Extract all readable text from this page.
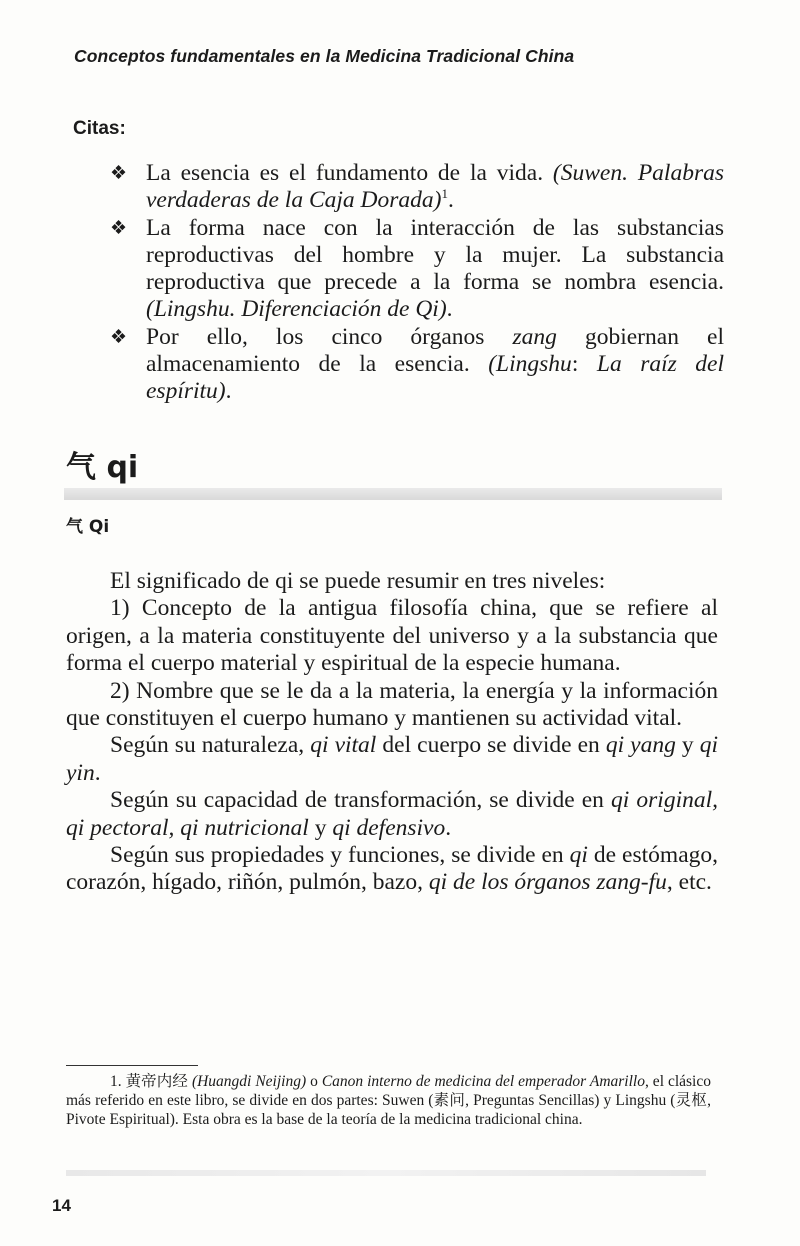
Conceptos fundamentales en la Medicina Tradicional China
Citas:
❖ La esencia es el fundamento de la vida. (Suwen. Palabras verdaderas de la Caja Dorada)$^1$.
❖ La forma nace con la interacción de las substancias reproductivas del hombre y la mujer. La substancia reproductiva que precede a la forma se nombra esencia. (Lingshu. Diferenciación de Qi).
❖ Por ello, los cinco órganos zang gobiernan el almacenamiento de la esencia. (Lingshu: La raíz del espíritu).
气 qi
气 Qi

El significado de qi se puede resumir en tres niveles:

1) Concepto de la antigua filosofía china, que se refiere al origen, a la materia constituyente del universo y a la substancia que forma el cuerpo material y espiritual de la especie humana.

2) Nombre que se le da a la materia, la energía y la información que constituyen el cuerpo humano y mantienen su actividad vital.

Según su naturaleza, qi vital del cuerpo se divide en qi yang y qi yin.

Según su capacidad de transformación, se divide en qi original, qi pectoral, qi nutricional y qi defensivo.

Según sus propiedades y funciones, se divide en qi de estómago, corazón, hígado, riñón, pulmón, bazo, qi de los órganos zang-fu, etc.

1. 黄帝内经 (Huangdi Neijing) o Canon interno de medicina del emperador Amarillo, el clásico más referido en este libro, se divide en dos partes: Suwen (素问, Preguntas Sencillas) y Lingshu (灵枢, Pivote Espiritual). Esta obra es la base de la teoría de la medicina tradicional china.
14
